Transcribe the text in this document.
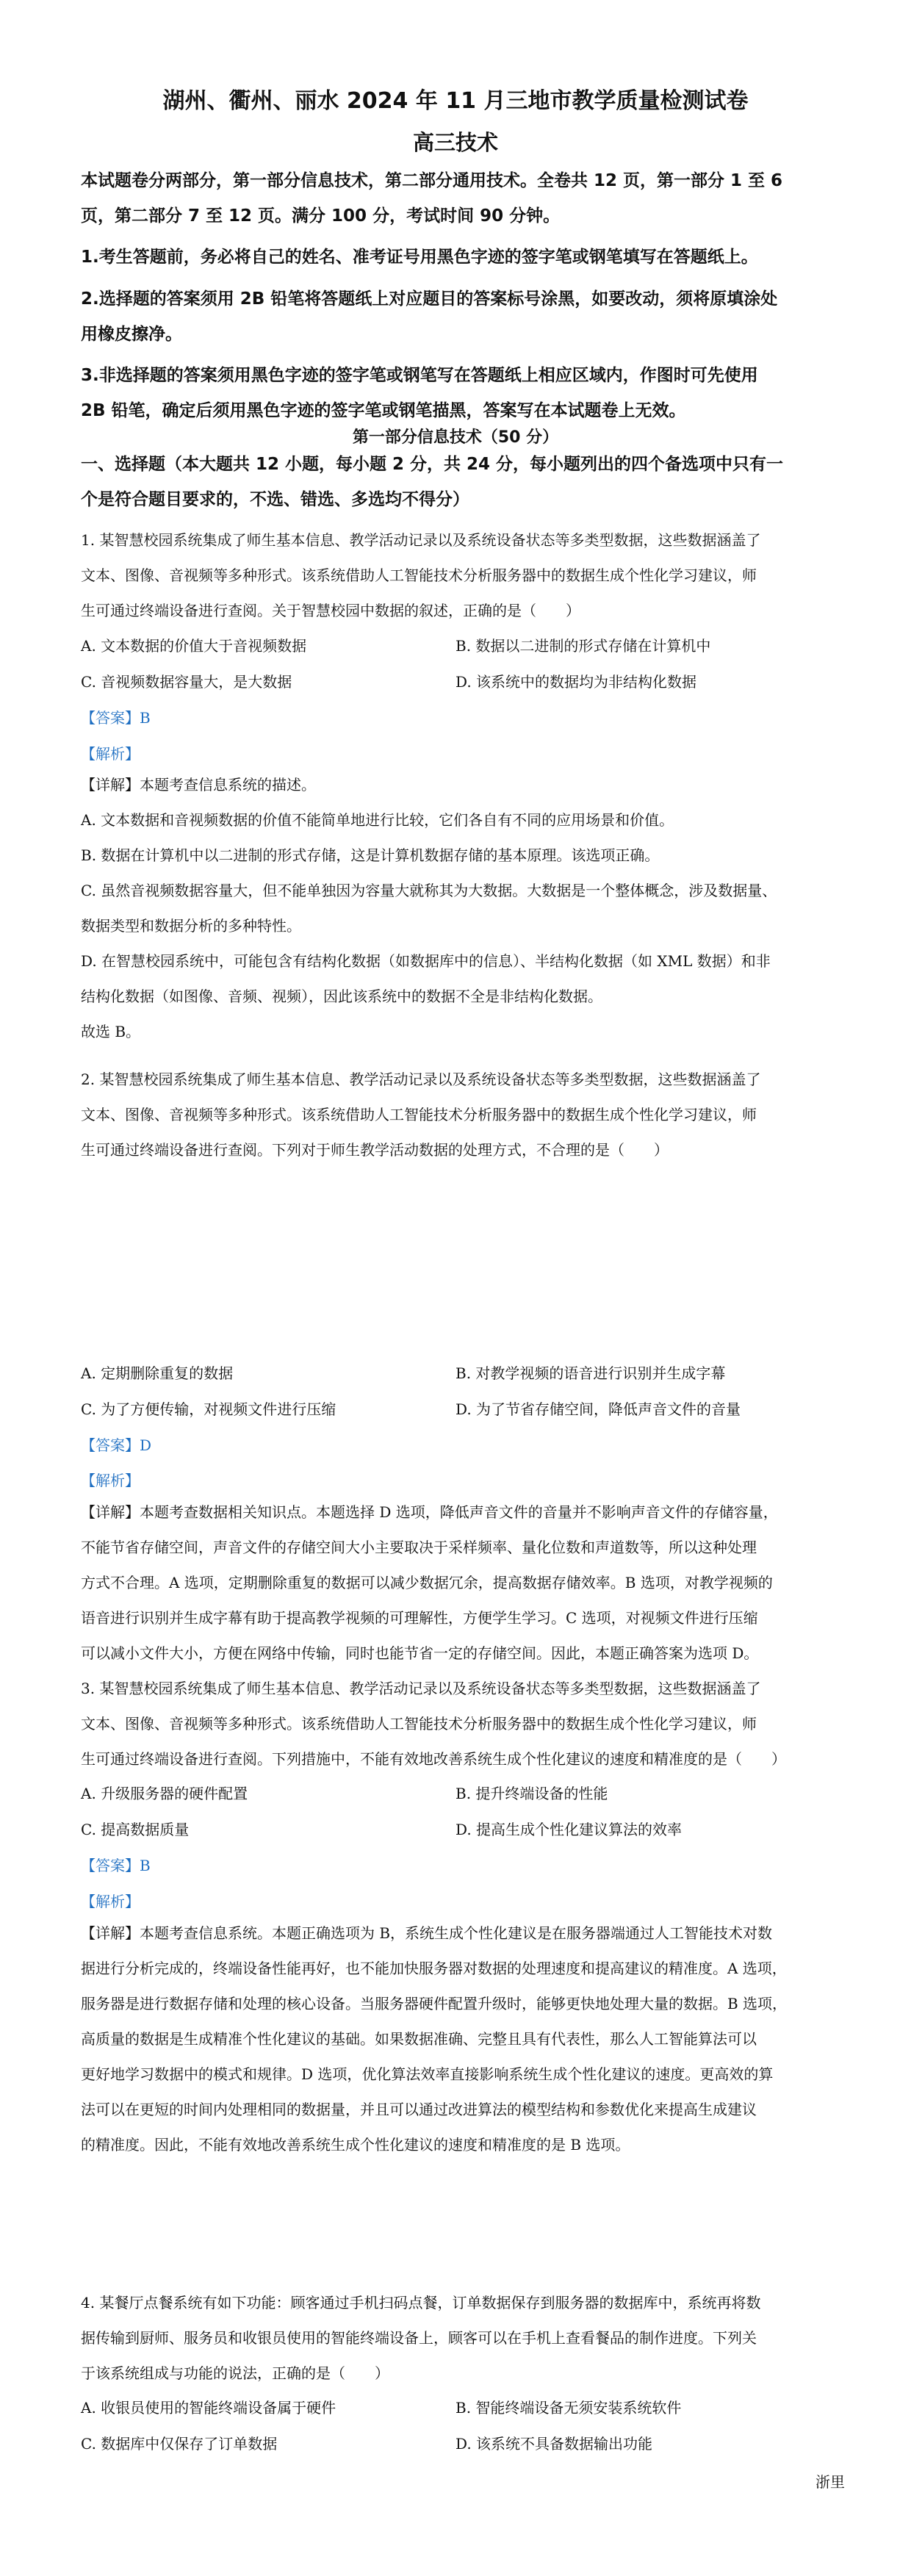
湖州、衢州、丽水 2024 年 11 月三地市教学质量检测试卷
高三技术
本试题卷分两部分，第一部分信息技术，第二部分通用技术。全卷共 12 页，第一部分 1 至 6
页，第二部分 7 至 12 页。满分 100 分，考试时间 90 分钟。
1.考生答题前，务必将自己的姓名、准考证号用黑色字迹的签字笔或钢笔填写在答题纸上。
2.选择题的答案须用 2B 铅笔将答题纸上对应题目的答案标号涂黑，如要改动，须将原填涂处
用橡皮擦净。
3.非选择题的答案须用黑色字迹的签字笔或钢笔写在答题纸上相应区域内，作图时可先使用
2B 铅笔，确定后须用黑色字迹的签字笔或钢笔描黑，答案写在本试题卷上无效。
第一部分信息技术（50 分）
一、选择题（本大题共 12 小题，每小题 2 分，共 24 分，每小题列出的四个备选项中只有一
个是符合题目要求的，不选、错选、多选均不得分）
1. 某智慧校园系统集成了师生基本信息、教学活动记录以及系统设备状态等多类型数据，这些数据涵盖了
文本、图像、音视频等多种形式。该系统借助人工智能技术分析服务器中的数据生成个性化学习建议，师
生可通过终端设备进行查阅。关于智慧校园中数据的叙述，正确的是（　　）
A. 文本数据的价值大于音视频数据	B. 数据以二进制的形式存储在计算机中
C. 音视频数据容量大，是大数据	D. 该系统中的数据均为非结构化数据
【答案】B
【解析】
【详解】本题考查信息系统的描述。
A. 文本数据和音视频数据的价值不能简单地进行比较，它们各自有不同的应用场景和价值。
B. 数据在计算机中以二进制的形式存储，这是计算机数据存储的基本原理。该选项正确。
C. 虽然音视频数据容量大，但不能单独因为容量大就称其为大数据。大数据是一个整体概念，涉及数据量、
数据类型和数据分析的多种特性。
D. 在智慧校园系统中，可能包含有结构化数据（如数据库中的信息）、半结构化数据（如 XML 数据）和非
结构化数据（如图像、音频、视频），因此该系统中的数据不全是非结构化数据。
故选 B。
2. 某智慧校园系统集成了师生基本信息、教学活动记录以及系统设备状态等多类型数据，这些数据涵盖了
文本、图像、音视频等多种形式。该系统借助人工智能技术分析服务器中的数据生成个性化学习建议，师
生可通过终端设备进行查阅。下列对于师生教学活动数据的处理方式，不合理的是（　　）
A. 定期删除重复的数据	B. 对教学视频的语音进行识别并生成字幕
C. 为了方便传输，对视频文件进行压缩	D. 为了节省存储空间，降低声音文件的音量
【答案】D
【解析】
【详解】本题考查数据相关知识点。本题选择 D 选项，降低声音文件的音量并不影响声音文件的存储容量，
不能节省存储空间，声音文件的存储空间大小主要取决于采样频率、量化位数和声道数等，所以这种处理
方式不合理。A 选项，定期删除重复的数据可以减少数据冗余，提高数据存储效率。B 选项，对教学视频的
语音进行识别并生成字幕有助于提高教学视频的可理解性，方便学生学习。C 选项，对视频文件进行压缩
可以减小文件大小，方便在网络中传输，同时也能节省一定的存储空间。因此，本题正确答案为选项 D。
3. 某智慧校园系统集成了师生基本信息、教学活动记录以及系统设备状态等多类型数据，这些数据涵盖了
文本、图像、音视频等多种形式。该系统借助人工智能技术分析服务器中的数据生成个性化学习建议，师
生可通过终端设备进行查阅。下列措施中，不能有效地改善系统生成个性化建议的速度和精准度的是（　　）
A. 升级服务器的硬件配置	B. 提升终端设备的性能
C. 提高数据质量	D. 提高生成个性化建议算法的效率
【答案】B
【解析】
【详解】本题考查信息系统。本题正确选项为 B，系统生成个性化建议是在服务器端通过人工智能技术对数
据进行分析完成的，终端设备性能再好，也不能加快服务器对数据的处理速度和提高建议的精准度。A 选项，
服务器是进行数据存储和处理的核心设备。当服务器硬件配置升级时，能够更快地处理大量的数据。B 选项，
高质量的数据是生成精准个性化建议的基础。如果数据准确、完整且具有代表性，那么人工智能算法可以
更好地学习数据中的模式和规律。D 选项，优化算法效率直接影响系统生成个性化建议的速度。更高效的算
法可以在更短的时间内处理相同的数据量，并且可以通过改进算法的模型结构和参数优化来提高生成建议
的精准度。因此，不能有效地改善系统生成个性化建议的速度和精准度的是 B 选项。
4. 某餐厅点餐系统有如下功能：顾客通过手机扫码点餐，订单数据保存到服务器的数据库中，系统再将数
据传输到厨师、服务员和收银员使用的智能终端设备上，顾客可以在手机上查看餐品的制作进度。下列关
于该系统组成与功能的说法，正确的是（　　）
A. 收银员使用的智能终端设备属于硬件	B. 智能终端设备无须安装系统软件
C. 数据库中仅保存了订单数据	D. 该系统不具备数据输出功能
浙里
